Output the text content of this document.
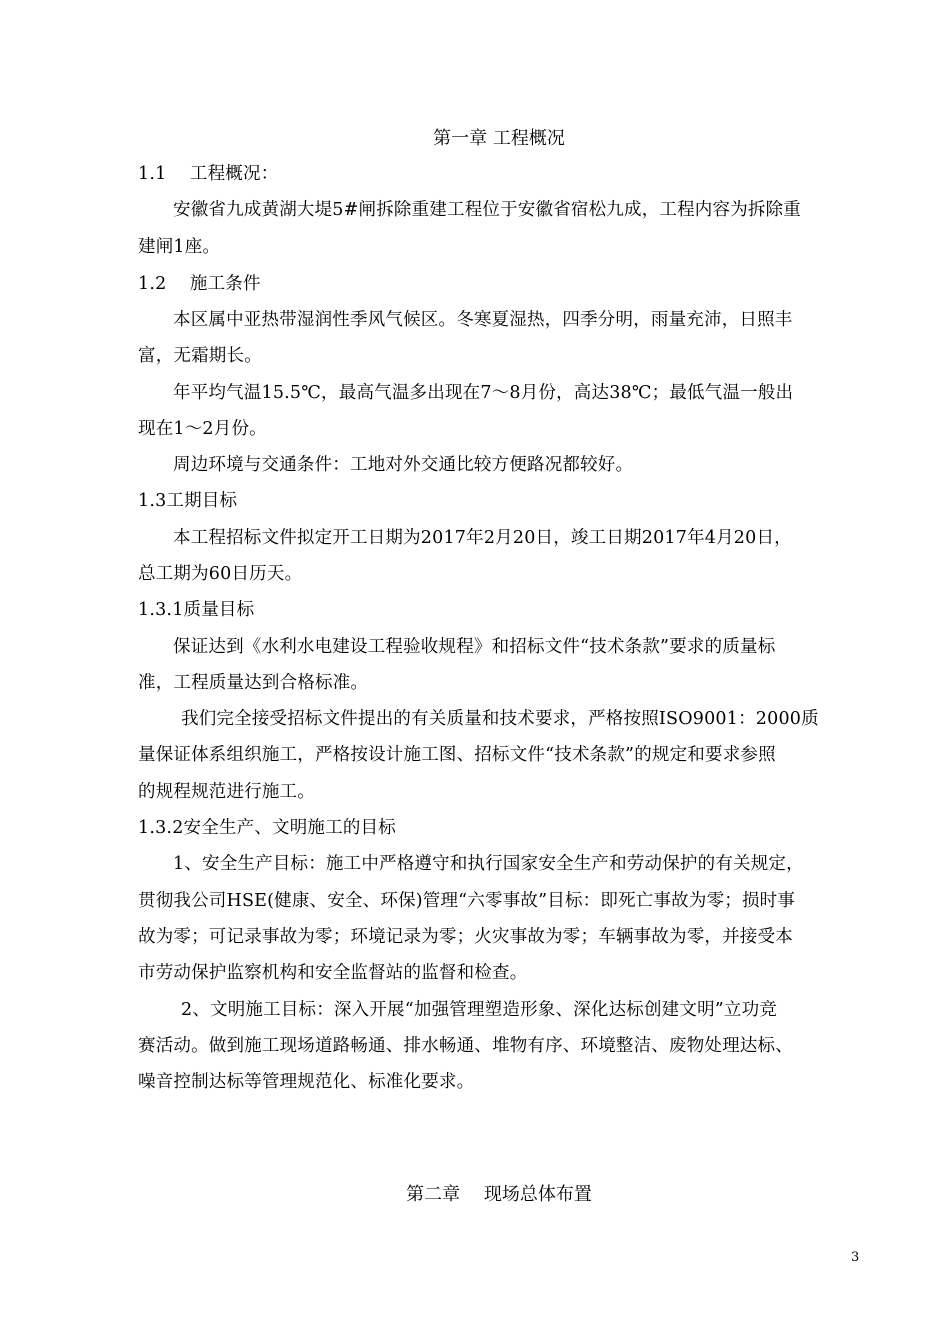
第一章 工程概况
1.1　 工程概况：
安徽省九成黄湖大堤5#闸拆除重建工程位于安徽省宿松九成，工程内容为拆除重
建闸1座。
1.2　 施工条件
本区属中亚热带湿润性季风气候区。冬寒夏湿热，四季分明，雨量充沛，日照丰
富，无霜期长。
年平均气温15.5℃，最高气温多出现在7～8月份，高达38℃；最低气温一般出
现在1～2月份。
周边环境与交通条件：工地对外交通比较方便路况都较好。
1.3工期目标
本工程招标文件拟定开工日期为2017年2月20日，竣工日期2017年4月20日，
总工期为60日历天。
1.3.1质量目标
保证达到《水利水电建设工程验收规程》和招标文件“技术条款”要求的质量标
准，工程质量达到合格标准。
我们完全接受招标文件提出的有关质量和技术要求，严格按照ISO9001：2000质
量保证体系组织施工，严格按设计施工图、招标文件“技术条款”的规定和要求参照
的规程规范进行施工。
1.3.2安全生产、文明施工的目标
1、安全生产目标：施工中严格遵守和执行国家安全生产和劳动保护的有关规定，
贯彻我公司HSE(健康、安全、环保)管理“六零事故”目标：即死亡事故为零；损时事
故为零；可记录事故为零；环境记录为零；火灾事故为零；车辆事故为零，并接受本
市劳动保护监察机构和安全监督站的监督和检查。
2、文明施工目标：深入开展“加强管理塑造形象、深化达标创建文明”立功竞
赛活动。做到施工现场道路畅通、排水畅通、堆物有序、环境整洁、废物处理达标、
噪音控制达标等管理规范化、标准化要求。
第二章　 现场总体布置
3
